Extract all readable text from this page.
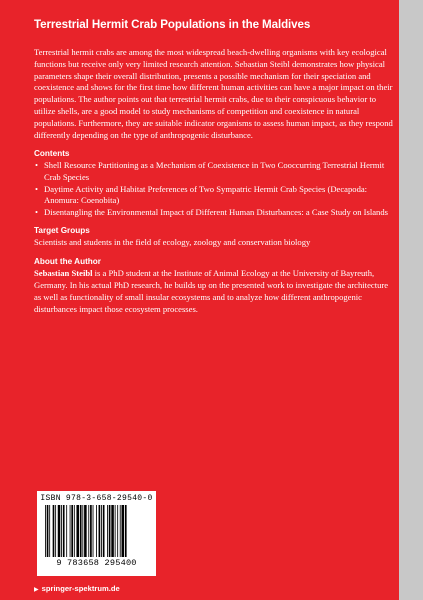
Terrestrial Hermit Crab Populations in the Maldives

Terrestrial hermit crabs are among the most widespread beach-dwelling organisms with key ecological functions but receive only very limited research attention. Sebastian Steibl demonstrates how physical parameters shape their overall distribution, presents a possible mechanism for their speciation and coexistence and shows for the first time how different human activities can have a major impact on their populations. The author points out that terrestrial hermit crabs, due to their conspicuous behavior to utilize shells, are a good model to study mechanisms of competition and coexistence in natural populations. Furthermore, they are suitable indicator organisms to assess human impact, as they respond differently depending on the type of anthropogenic disturbance.

Contents
• Shell Resource Partitioning as a Mechanism of Coexistence in Two Cooccurring Terrestrial Hermit Crab Species
• Daytime Activity and Habitat Preferences of Two Sympatric Hermit Crab Species (Decapoda: Anomura: Coenobita)
• Disentangling the Environmental Impact of Different Human Disturbances: a Case Study on Islands
Target Groups

Scientists and students in the field of ecology, zoology and conservation biology

About the Author

Sebastian Steibl is a PhD student at the Institute of Animal Ecology at the University of Bayreuth, Germany. In his actual PhD research, he builds up on the presented work to investigate the architecture as well as functionality of small insular ecosystems and to analyze how different anthropogenic disturbances impact those ecosystem processes.

ISBN 978-3-658-29540-0
9 783658 295400
▶ springer-spektrum.de
